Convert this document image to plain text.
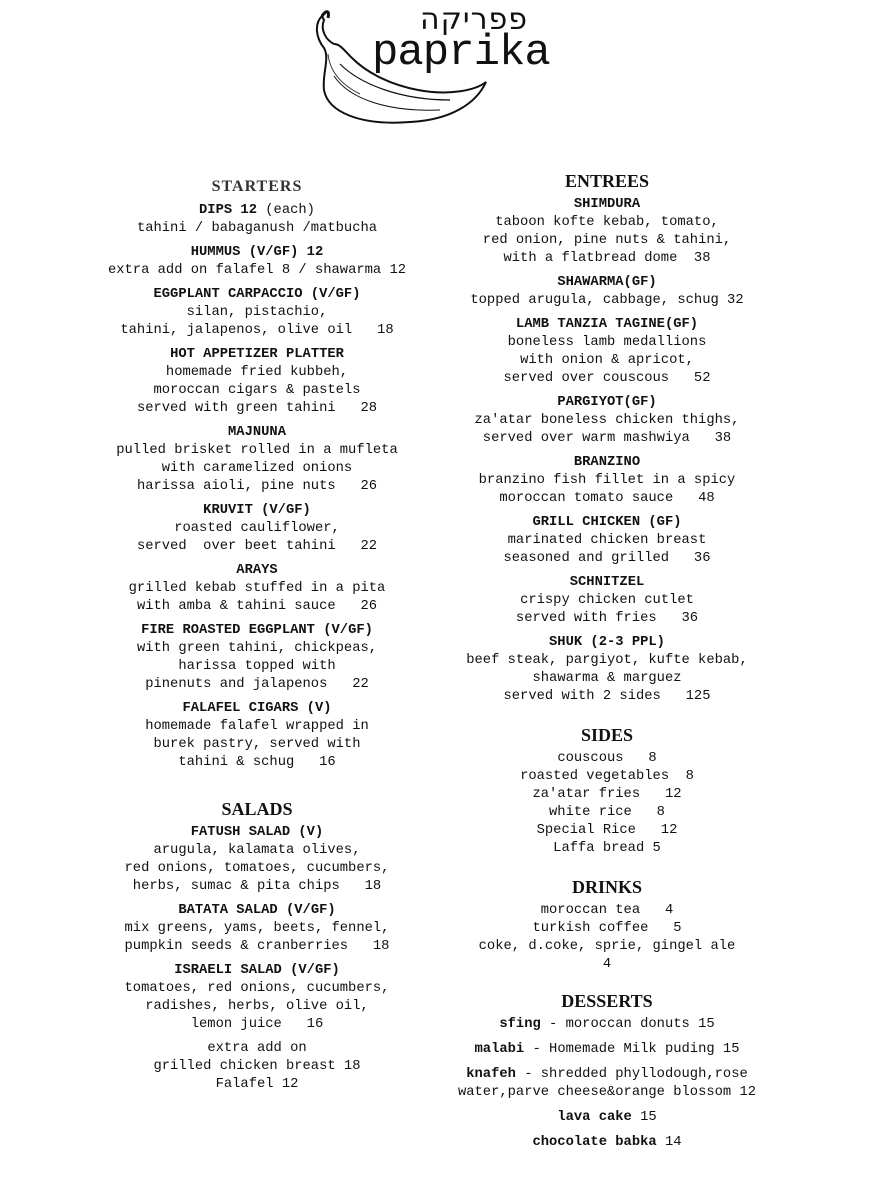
פפריקה
paprika
STARTERS
DIPS 12 (each)
tahini / babaganush /matbucha
HUMMUS (V/GF) 12
extra add on falafel 8 / shawarma 12
EGGPLANT CARPACCIO (V/GF)
silan, pistachio,
tahini, jalapenos, olive oil   18
HOT APPETIZER PLATTER
homemade fried kubbeh,
moroccan cigars & pastels
served with green tahini   28
MAJNUNA
pulled brisket rolled in a mufleta
with caramelized onions
harissa aioli, pine nuts   26
KRUVIT (V/GF)
roasted cauliflower,
served  over beet tahini   22
ARAYS
grilled kebab stuffed in a pita
with amba & tahini sauce   26
FIRE ROASTED EGGPLANT (V/GF)
with green tahini, chickpeas,
harissa topped with
pinenuts and jalapenos   22
FALAFEL CIGARS (V)
homemade falafel wrapped in
burek pastry, served with
tahini & schug   16
SALADS
FATUSH SALAD (V)
arugula, kalamata olives,
red onions, tomatoes, cucumbers,
herbs, sumac & pita chips   18
BATATA SALAD (V/GF)
mix greens, yams, beets, fennel,
pumpkin seeds & cranberries   18
ISRAELI SALAD (V/GF)
tomatoes, red onions, cucumbers,
radishes, herbs, olive oil,
lemon juice   16
extra add on
grilled chicken breast 18
Falafel 12
ENTREES
SHIMDURA
taboon kofte kebab, tomato,
red onion, pine nuts & tahini,
with a flatbread dome  38
SHAWARMA(GF)
topped arugula, cabbage, schug 32
LAMB TANZIA TAGINE(GF)
boneless lamb medallions
with onion & apricot,
served over couscous   52
PARGIYOT(GF)
za'atar boneless chicken thighs,
served over warm mashwiya   38
BRANZINO
branzino fish fillet in a spicy
moroccan tomato sauce   48
GRILL CHICKEN (GF)
marinated chicken breast
seasoned and grilled   36
SCHNITZEL
crispy chicken cutlet
served with fries   36
SHUK (2-3 PPL)
beef steak, pargiyot, kufte kebab,
shawarma & marguez
served with 2 sides   125
SIDES
couscous   8
roasted vegetables  8
za'atar fries   12
white rice   8
Special Rice   12
Laffa bread 5
DRINKS
moroccan tea   4
turkish coffee   5
coke, d.coke, sprie, gingel ale
4
DESSERTS
sfing - moroccan donuts 15
malabi - Homemade Milk puding 15
knafeh - shredded phyllodough,rose water,parve cheese&orange blossom 12
lava cake 15
chocolate babka 14
